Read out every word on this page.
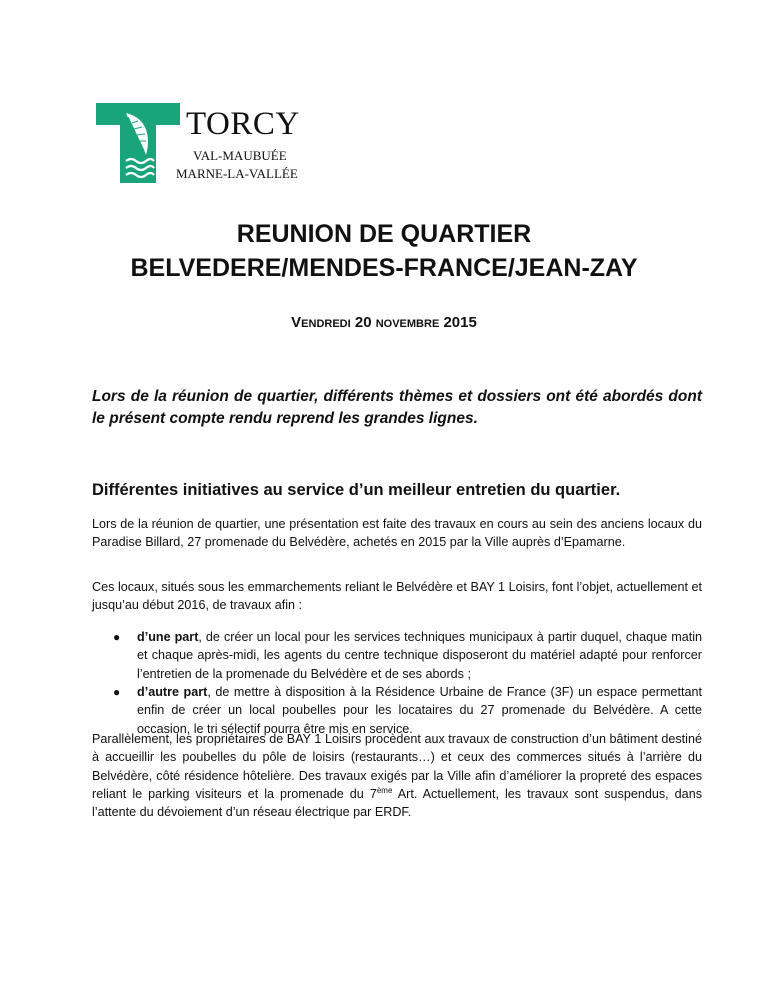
TORCY
VAL-MAUBUÉE
MARNE-LA-VALLÉE
REUNION DE QUARTIER
BELVEDERE/MENDES-FRANCE/JEAN-ZAY
Vendredi 20 novembre 2015
Lors de la réunion de quartier, différents thèmes et dossiers ont été abordés dont le présent compte rendu reprend les grandes lignes.
Différentes initiatives au service d’un meilleur entretien du quartier.
Lors de la réunion de quartier, une présentation est faite des travaux en cours au sein des anciens locaux du Paradise Billard, 27 promenade du Belvédère, achetés en 2015 par la Ville auprès d’Epamarne.
Ces locaux, situés sous les emmarchements reliant le Belvédère et BAY 1 Loisirs, font l’objet, actuellement et jusqu’au début 2016, de travaux afin :
● d’une part, de créer un local pour les services techniques municipaux à partir duquel, chaque matin et chaque après-midi, les agents du centre technique disposeront du matériel adapté pour renforcer l’entretien de la promenade du Belvédère et de ses abords ;
● d’autre part, de mettre à disposition à la Résidence Urbaine de France (3F) un espace permettant enfin de créer un local poubelles pour les locataires du 27 promenade du Belvédère. A cette occasion, le tri sélectif pourra être mis en service.
Parallèlement, les propriétaires de BAY 1 Loisirs procèdent aux travaux de construction d’un bâtiment destiné à accueillir les poubelles du pôle de loisirs (restaurants…) et ceux des commerces situés à l’arrière du Belvédère, côté résidence hôtelière. Des travaux exigés par la Ville afin d’améliorer la propreté des espaces reliant le parking visiteurs et la promenade du 7ème Art. Actuellement, les travaux sont suspendus, dans l’attente du dévoiement d’un réseau électrique par ERDF.
